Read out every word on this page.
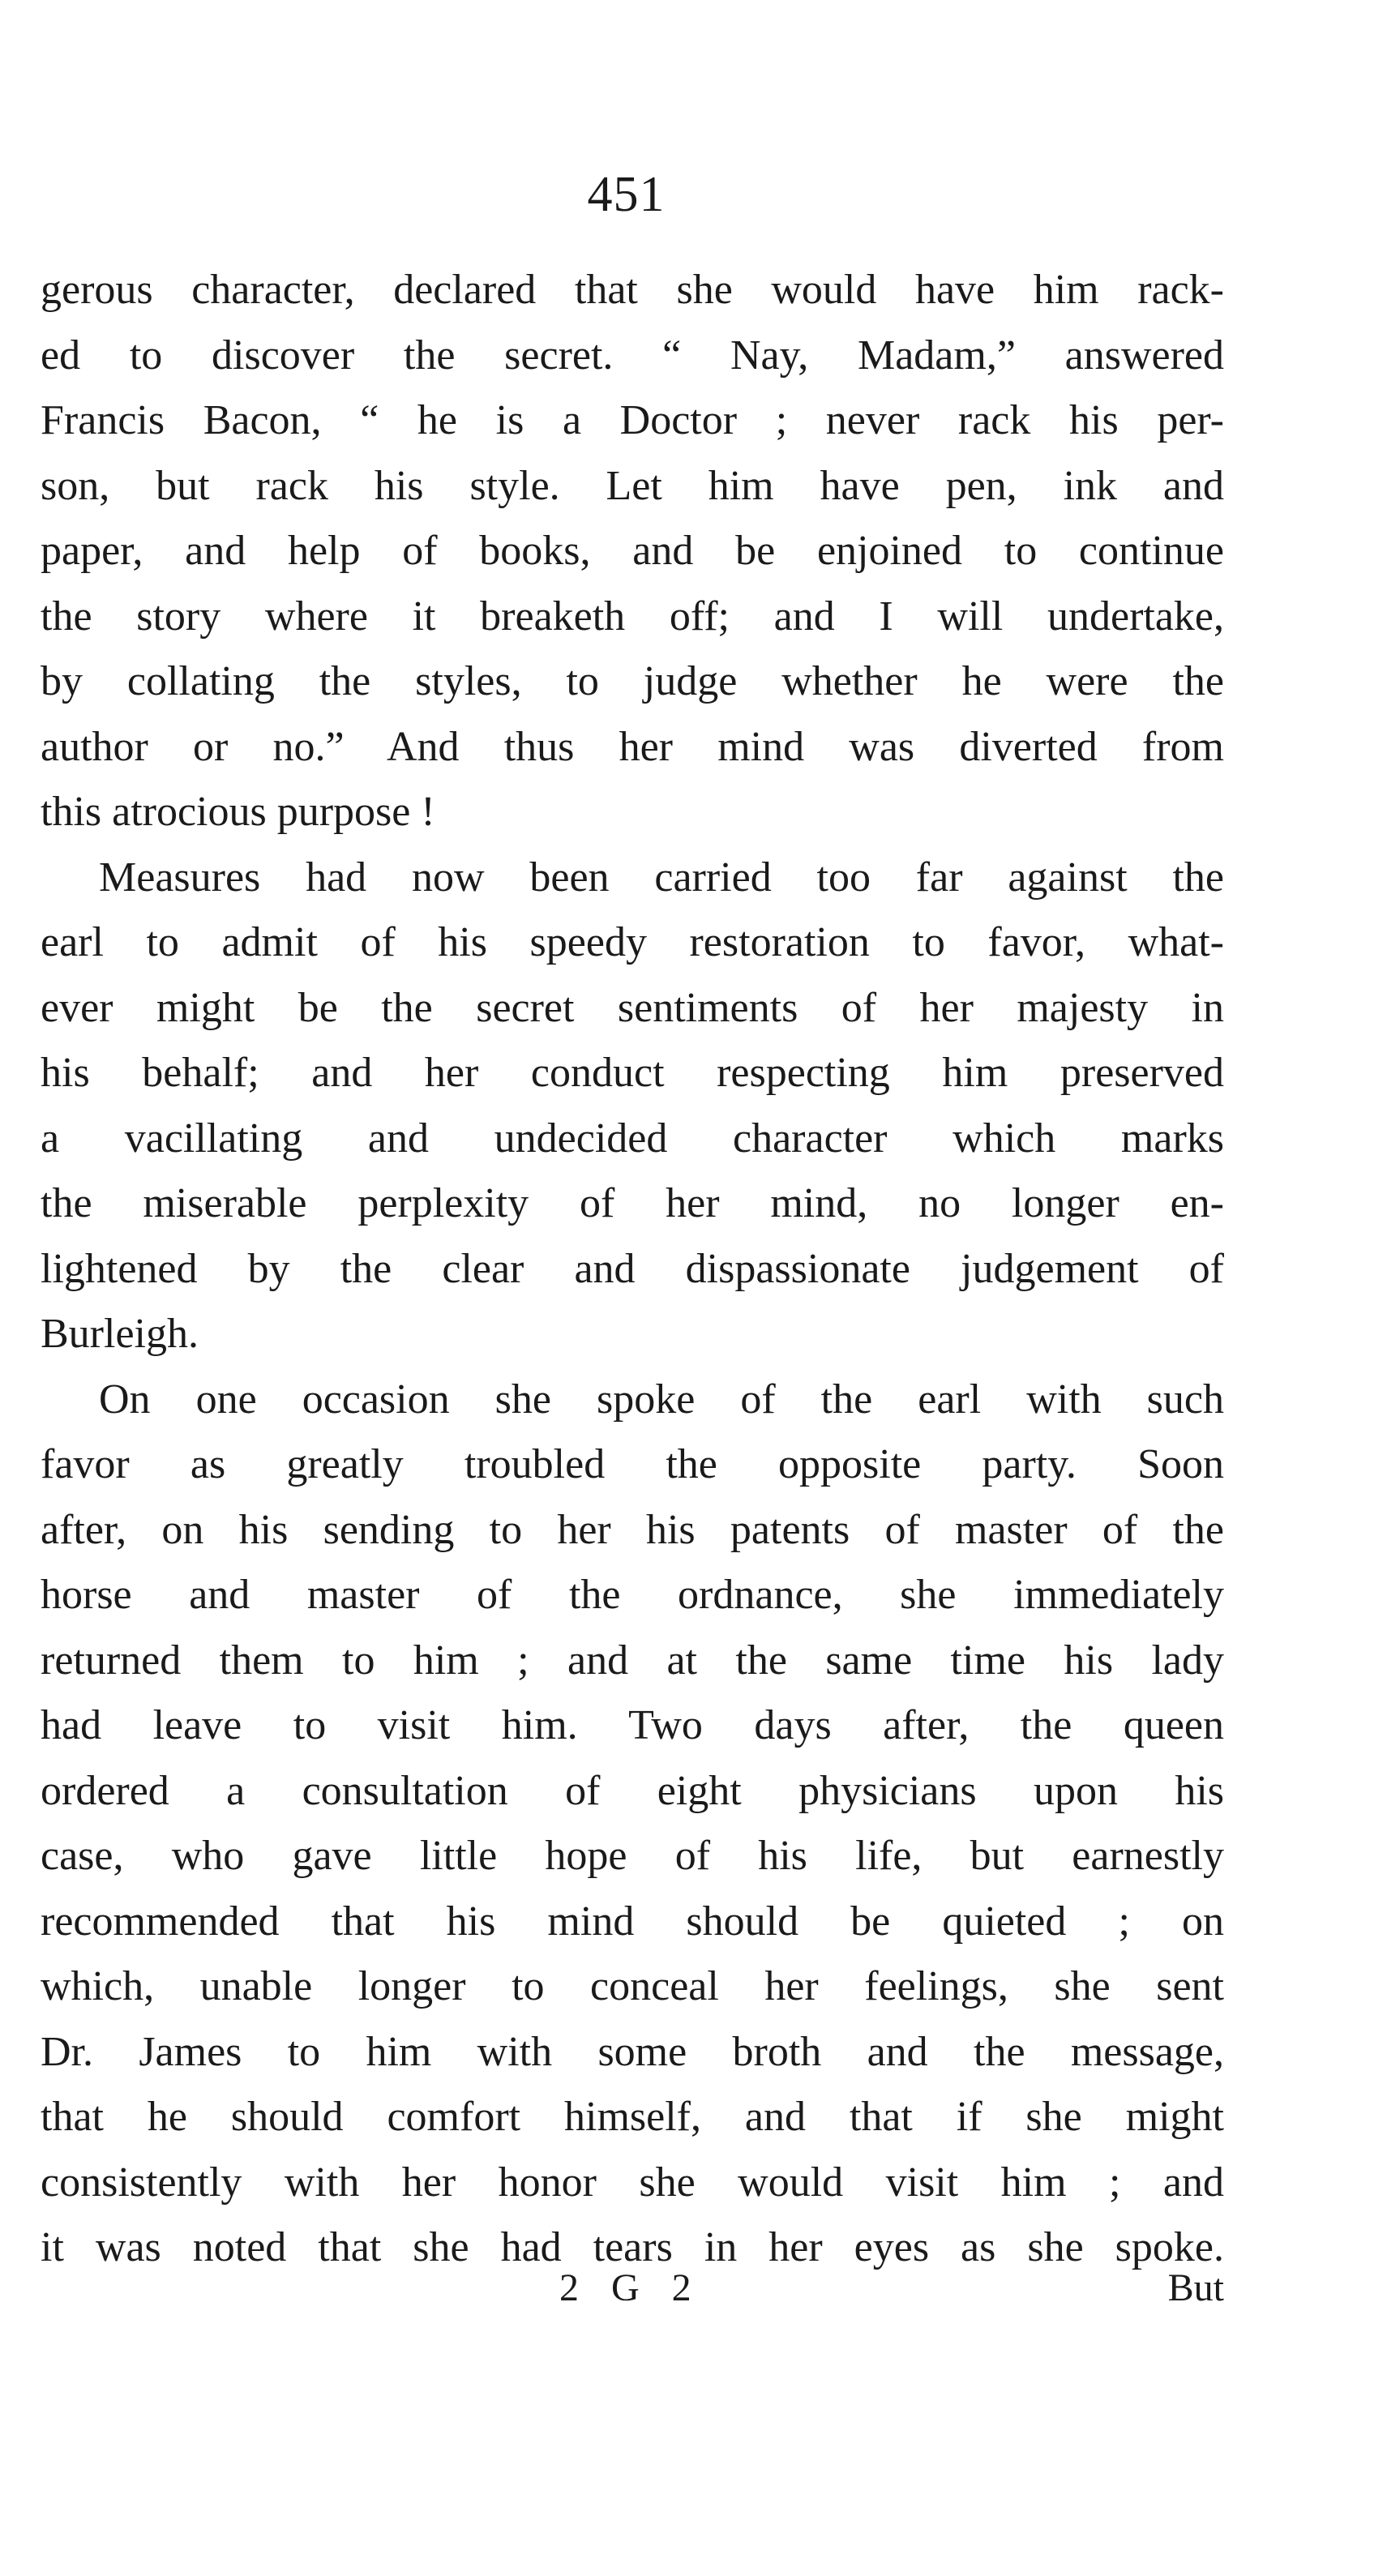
451
gerous character, declared that she would have him rack-
ed to discover the secret. “ Nay, Madam,” answered
Francis Bacon, “ he is a Doctor ; never rack his per-
son, but rack his style. Let him have pen, ink and
paper, and help of books, and be enjoined to continue
the story where it breaketh off; and I will undertake,
by collating the styles, to judge whether he were the
author or no.” And thus her mind was diverted from
this atrocious purpose !
Measures had now been carried too far against the
earl to admit of his speedy restoration to favor, what-
ever might be the secret sentiments of her majesty in
his behalf; and her conduct respecting him preserved
a vacillating and undecided character which marks
the miserable perplexity of her mind, no longer en-
lightened by the clear and dispassionate judgement of
Burleigh.
On one occasion she spoke of the earl with such
favor as greatly troubled the opposite party. Soon
after, on his sending to her his patents of master of the
horse and master of the ordnance, she immediately
returned them to him ; and at the same time his lady
had leave to visit him. Two days after, the queen
ordered a consultation of eight physicians upon his
case, who gave little hope of his life, but earnestly
recommended that his mind should be quieted ; on
which, unable longer to conceal her feelings, she sent
Dr. James to him with some broth and the message,
that he should comfort himself, and that if she might
consistently with her honor she would visit him ; and
it was noted that she had tears in her eyes as she spoke.
2 G 2	But
